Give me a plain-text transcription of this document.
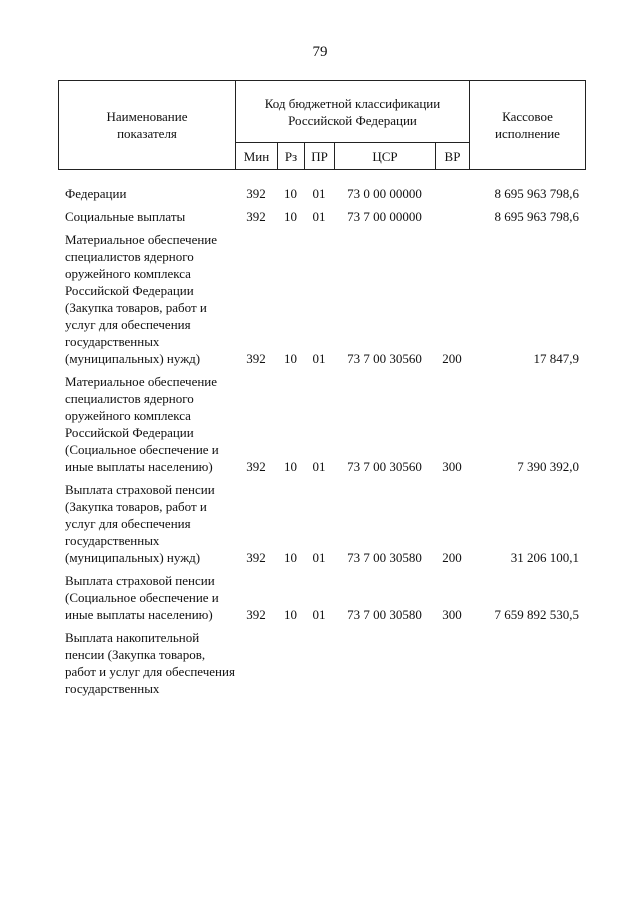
79
Наименование показателя	Код бюджетной классификации Российской Федерации					Кассовое исполнение
	Мин	Рз	ПР	ЦСР	ВР	
Федерации	392	10	01	73 0 00 00000		8 695 963 798,6
Социальные выплаты	392	10	01	73 7 00 00000		8 695 963 798,6
Материальное обеспечение специалистов ядерного оружейного комплекса Российской Федерации (Закупка товаров, работ и услуг для обеспечения государственных (муниципальных) нужд)	392	10	01	73 7 00 30560	200	17 847,9
Материальное обеспечение специалистов ядерного оружейного комплекса Российской Федерации (Социальное обеспечение и иные выплаты населению)	392	10	01	73 7 00 30560	300	7 390 392,0
Выплата страховой пенсии (Закупка товаров, работ и услуг для обеспечения государственных (муниципальных) нужд)	392	10	01	73 7 00 30580	200	31 206 100,1
Выплата страховой пенсии (Социальное обеспечение и иные выплаты населению)	392	10	01	73 7 00 30580	300	7 659 892 530,5
Выплата накопительной пенсии (Закупка товаров, работ и услуг для обеспечения государственных						
